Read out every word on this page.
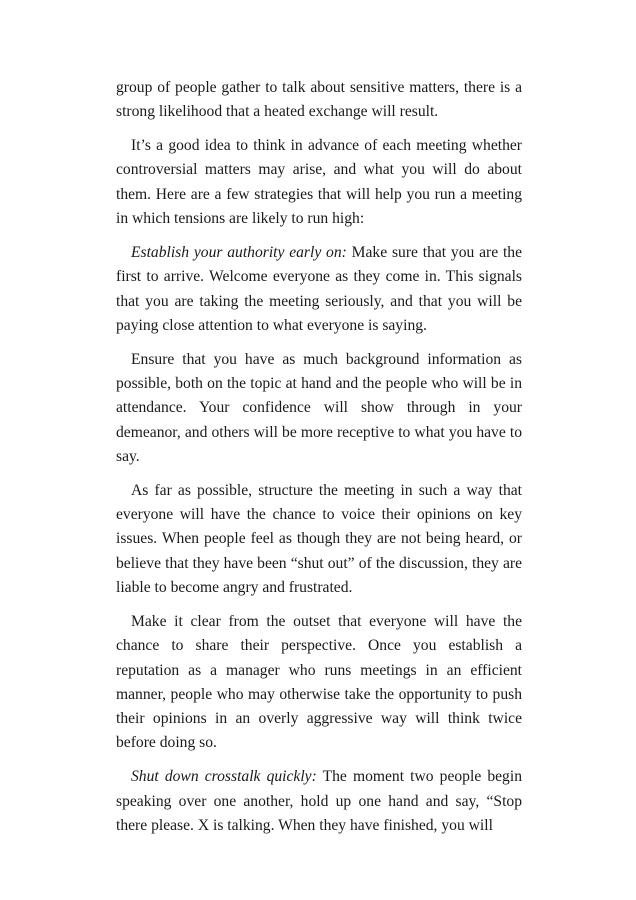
group of people gather to talk about sensitive matters, there is a strong likelihood that a heated exchange will result.

It’s a good idea to think in advance of each meeting whether controversial matters may arise, and what you will do about them. Here are a few strategies that will help you run a meeting in which tensions are likely to run high:

Establish your authority early on: Make sure that you are the first to arrive. Welcome everyone as they come in. This signals that you are taking the meeting seriously, and that you will be paying close attention to what everyone is saying.

Ensure that you have as much background information as possible, both on the topic at hand and the people who will be in attendance. Your confidence will show through in your demeanor, and others will be more receptive to what you have to say.

As far as possible, structure the meeting in such a way that everyone will have the chance to voice their opinions on key issues. When people feel as though they are not being heard, or believe that they have been “shut out” of the discussion, they are liable to become angry and frustrated.

Make it clear from the outset that everyone will have the chance to share their perspective. Once you establish a reputation as a manager who runs meetings in an efficient manner, people who may otherwise take the opportunity to push their opinions in an overly aggressive way will think twice before doing so.

Shut down crosstalk quickly: The moment two people begin speaking over one another, hold up one hand and say, “Stop there please. X is talking. When they have finished, you will
